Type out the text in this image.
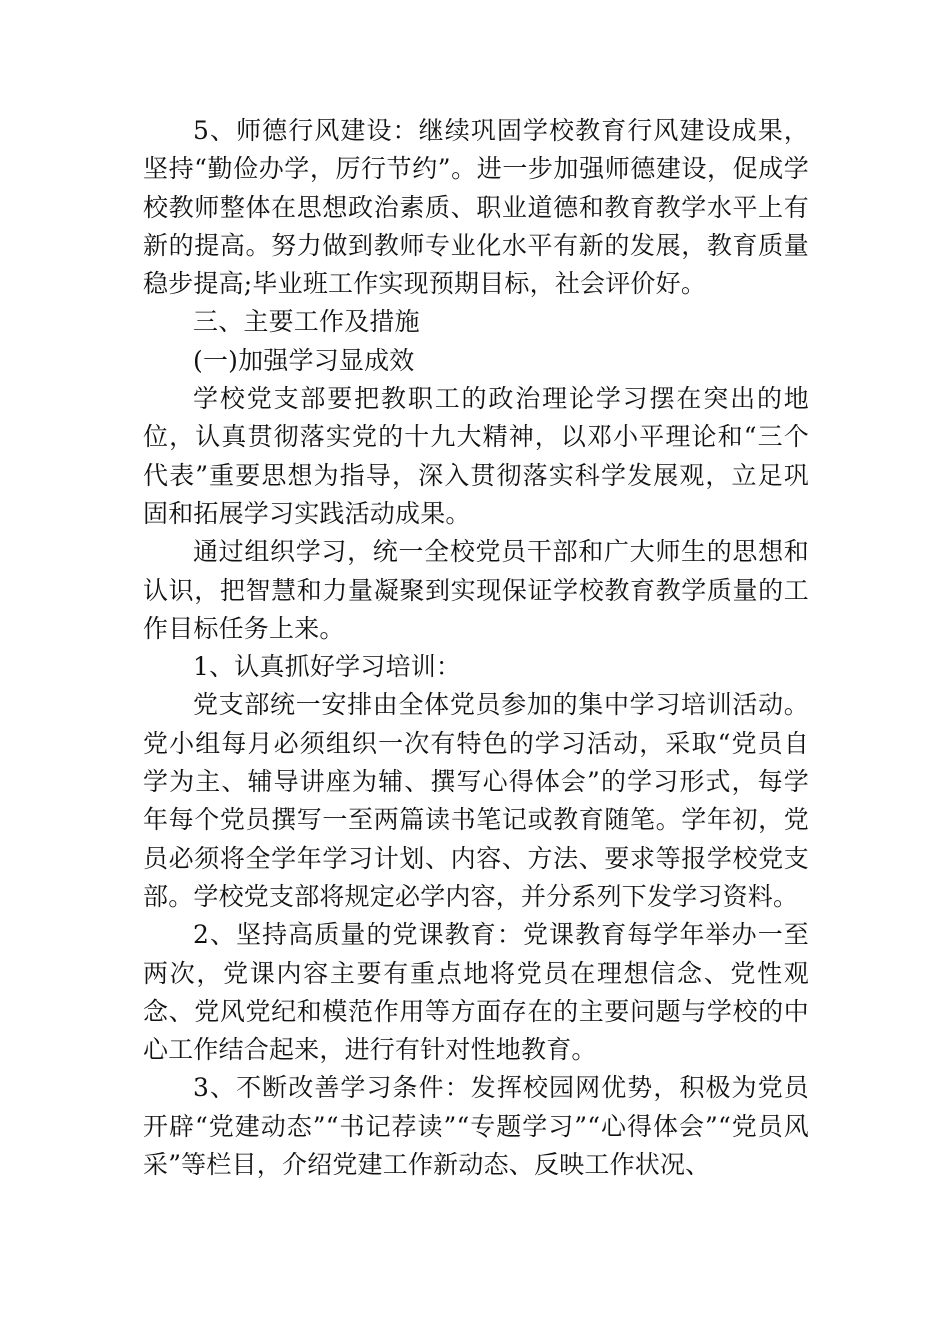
5、师德行风建设：继续巩固学校教育行风建设成果，坚持“勤俭办学，厉行节约”。进一步加强师德建设，促成学校教师整体在思想政治素质、职业道德和教育教学水平上有新的提高。努力做到教师专业化水平有新的发展，教育质量稳步提高;毕业班工作实现预期目标，社会评价好。

三、主要工作及措施

(一)加强学习显成效

学校党支部要把教职工的政治理论学习摆在突出的地位，认真贯彻落实党的十九大精神，以邓小平理论和“三个代表”重要思想为指导，深入贯彻落实科学发展观，立足巩固和拓展学习实践活动成果。

通过组织学习，统一全校党员干部和广大师生的思想和认识，把智慧和力量凝聚到实现保证学校教育教学质量的工作目标任务上来。

1、认真抓好学习培训：

党支部统一安排由全体党员参加的集中学习培训活动。党小组每月必须组织一次有特色的学习活动，采取“党员自学为主、辅导讲座为辅、撰写心得体会”的学习形式，每学年每个党员撰写一至两篇读书笔记或教育随笔。学年初，党员必须将全学年学习计划、内容、方法、要求等报学校党支部。学校党支部将规定必学内容，并分系列下发学习资料。

2、坚持高质量的党课教育：党课教育每学年举办一至两次，党课内容主要有重点地将党员在理想信念、党性观念、党风党纪和模范作用等方面存在的主要问题与学校的中心工作结合起来，进行有针对性地教育。

3、不断改善学习条件：发挥校园网优势，积极为党员开辟“党建动态”“书记荐读”“专题学习”“心得体会”“党员风采”等栏目，介绍党建工作新动态、反映工作状况、
